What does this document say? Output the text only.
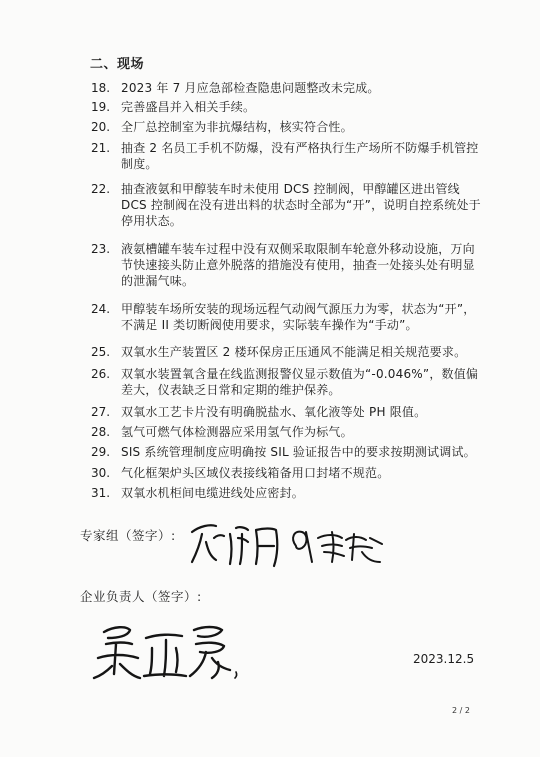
二、现场
18. 2023 年 7 月应急部检查隐患问题整改未完成。
19. 完善盛昌并入相关手续。
20. 全厂总控制室为非抗爆结构，核实符合性。
21. 抽查 2 名员工手机不防爆，没有严格执行生产场所不防爆手机管控制度。
22. 抽查液氨和甲醇装车时未使用 DCS 控制阀，甲醇罐区进出管线 DCS 控制阀在没有进出料的状态时全部为“开”，说明自控系统处于停用状态。
23. 液氨槽罐车装车过程中没有双侧采取限制车轮意外移动设施，万向节快速接头防止意外脱落的措施没有使用，抽查一处接头处有明显的泄漏气味。
24. 甲醇装车场所安装的现场远程气动阀气源压力为零，状态为“开”，不满足 II 类切断阀使用要求，实际装车操作为“手动”。
25. 双氧水生产装置区 2 楼环保房正压通风不能满足相关规范要求。
26. 双氧水装置氧含量在线监测报警仪显示数值为“-0.046%”，数值偏差大，仪表缺乏日常和定期的维护保养。
27. 双氧水工艺卡片没有明确脱盐水、氧化液等处 PH 限值。
28. 氢气可燃气体检测器应采用氢气作为标气。
29. SIS 系统管理制度应明确按 SIL 验证报告中的要求按期测试调试。
30. 气化框架炉头区域仪表接线箱备用口封堵不规范。
31. 双氧水机柜间电缆进线处应密封。
专家组（签字）:
企业负责人（签字）:
2023.12.5
2 / 2
